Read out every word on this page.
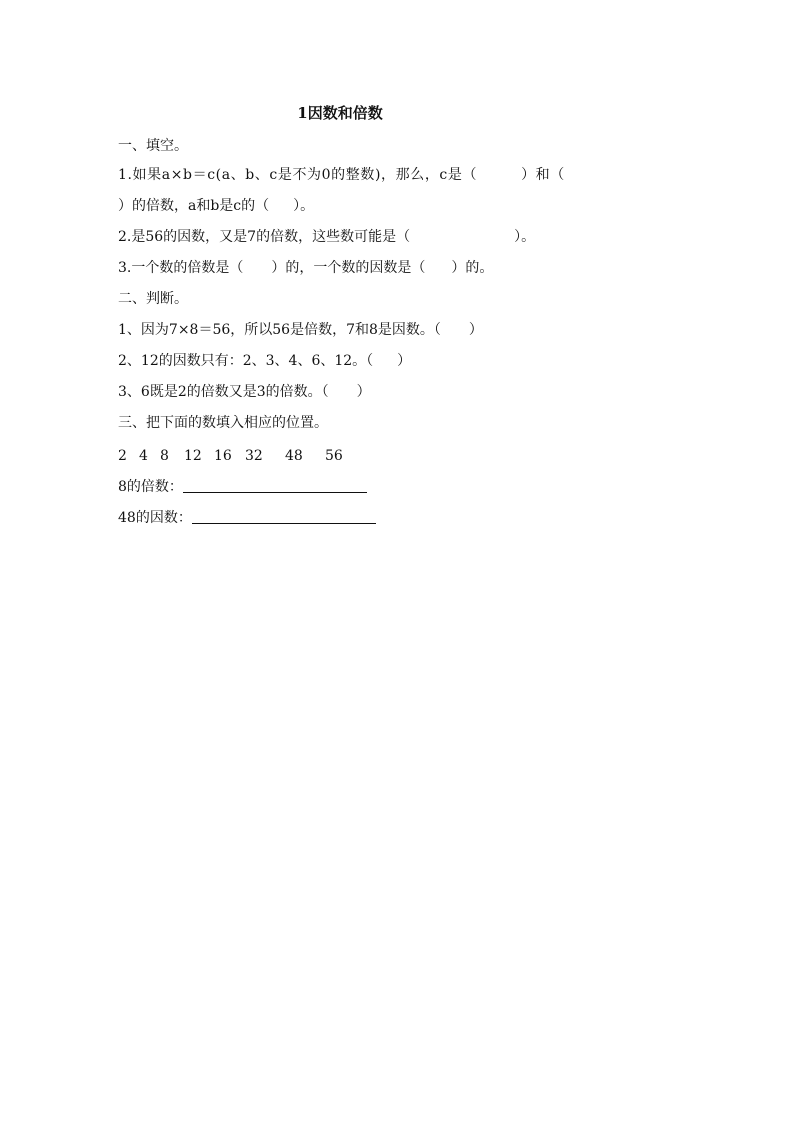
1因数和倍数
一、填空。
1.如果a×b＝c(a、b、c是不为0的整数)，那么，c是（	）和（
）的倍数，a和b是c的（ ）。
2.是56的因数，又是7的倍数，这些数可能是（	）。
3.一个数的倍数是（ ）的，一个数的因数是（ ）的。
二、判断。
1、因为7×8＝56，所以56是倍数，7和8是因数。（ ）
2、12的因数只有：2、3、4、6、12。（ ）
3、6既是2的倍数又是3的倍数。（ ）
三、把下面的数填入相应的位置。
2 4 8 12 16 32 48 56
8的倍数：
48的因数：
